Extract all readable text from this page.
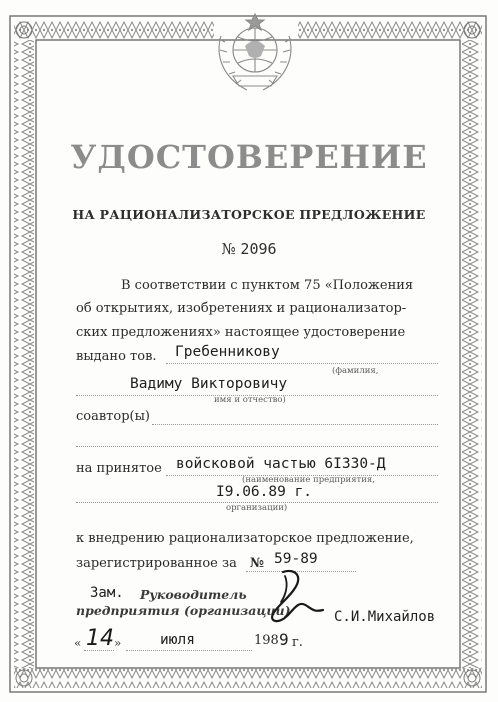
УДОСТОВЕРЕНИЕ
НА РАЦИОНАЛИЗАТОРСКОЕ ПРЕДЛОЖЕНИЕ
№ 2096
В соответствии с пунктом 75 «Положения
об открытиях, изобретениях и рационализатор-
ских предложениях» настоящее удостоверение
выдано тов. Гребенникову
(фамилия,
Вадиму Викторовичу
имя и отчество)
соавтор(ы)
на принятое войсковой частью 6I330-Д
(наименование предприятия,
I9.06.89 г.
организации)
к внедрению рационализаторское предложение,
зарегистрированное за № 59-89
Зам. Руководитель
предприятия (организации)	С.И.Михайлов
« 14 »	июля	198 9 г.
